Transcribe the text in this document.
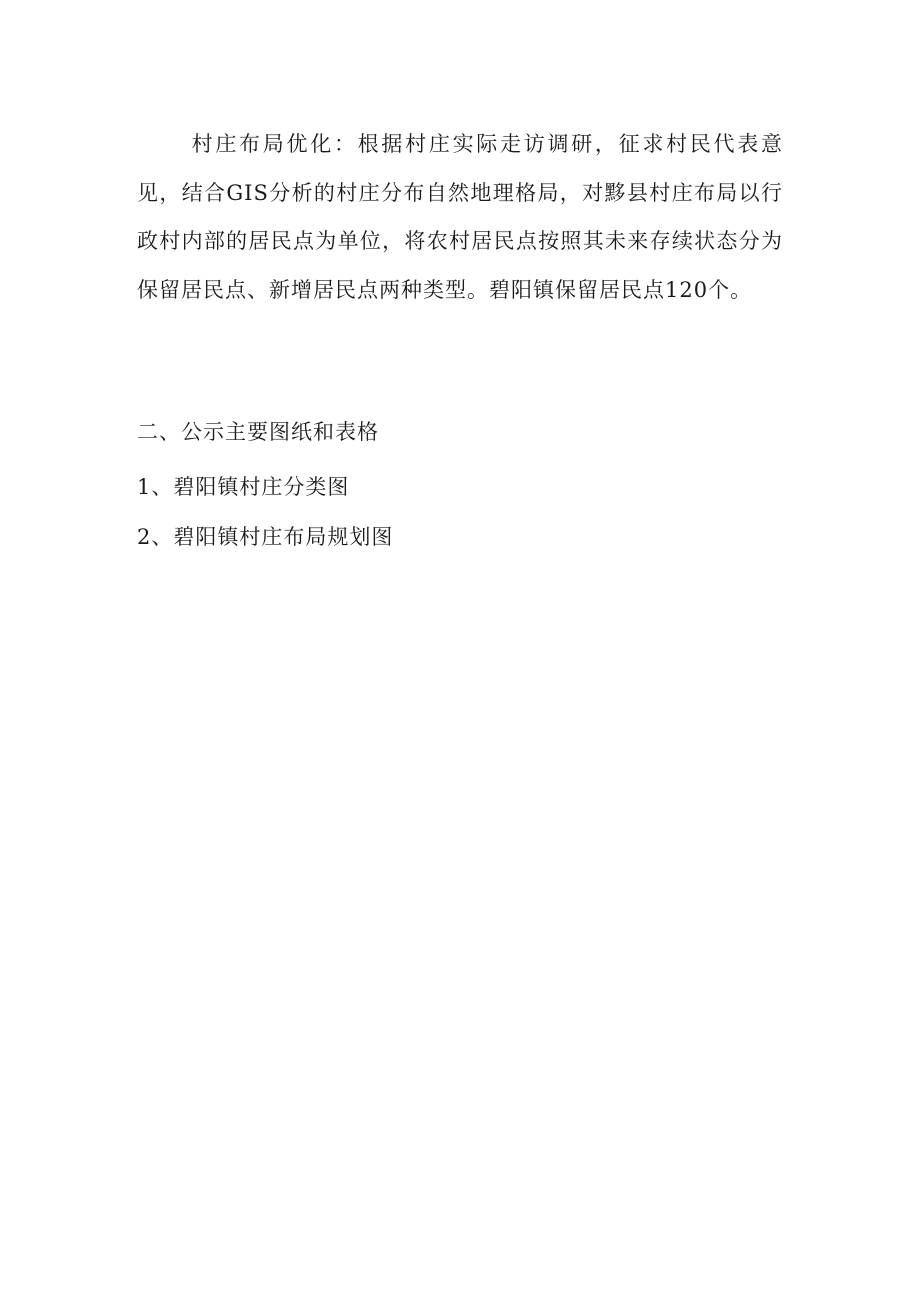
村庄布局优化：根据村庄实际走访调研，征求村民代表意见，结合GIS分析的村庄分布自然地理格局，对黟县村庄布局以行政村内部的居民点为单位，将农村居民点按照其未来存续状态分为保留居民点、新增居民点两种类型。碧阳镇保留居民点120个。

二、公示主要图纸和表格

1、碧阳镇村庄分类图

2、碧阳镇村庄布局规划图
